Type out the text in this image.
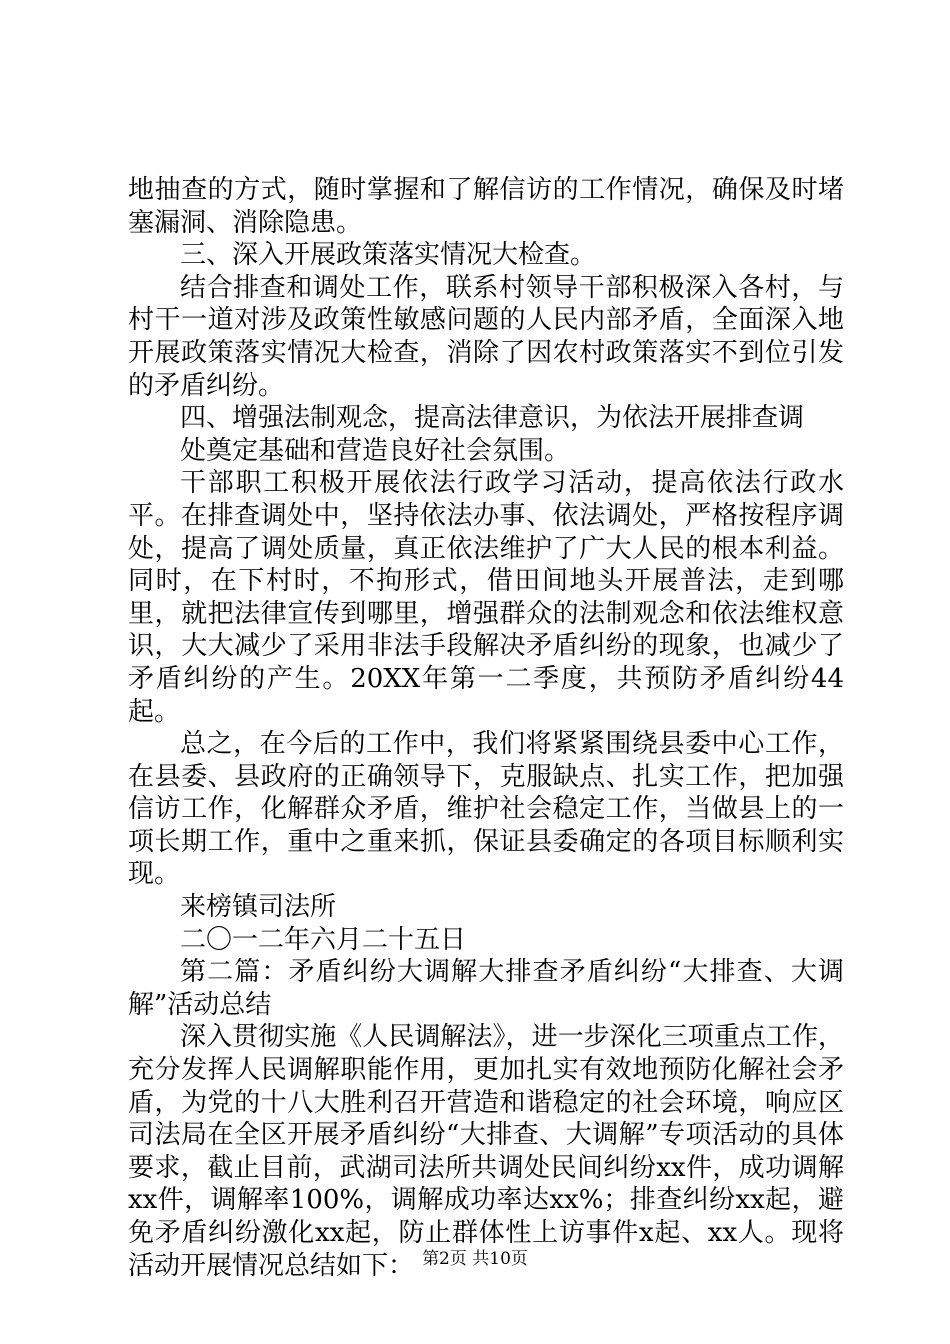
地抽查的方式，随时掌握和了解信访的工作情况，确保及时堵塞漏洞、消除隐患。

三、深入开展政策落实情况大检查。

结合排查和调处工作，联系村领导干部积极深入各村，与村干一道对涉及政策性敏感问题的人民内部矛盾，全面深入地开展政策落实情况大检查，消除了因农村政策落实不到位引发的矛盾纠纷。

四、增强法制观念，提高法律意识，为依法开展排查调

处奠定基础和营造良好社会氛围。

干部职工积极开展依法行政学习活动，提高依法行政水平。在排查调处中，坚持依法办事、依法调处，严格按程序调处，提高了调处质量，真正依法维护了广大人民的根本利益。同时，在下村时，不拘形式，借田间地头开展普法，走到哪里，就把法律宣传到哪里，增强群众的法制观念和依法维权意识，大大减少了采用非法手段解决矛盾纠纷的现象，也减少了矛盾纠纷的产生。20XX年第一二季度，共预防矛盾纠纷44起。

总之，在今后的工作中，我们将紧紧围绕县委中心工作，在县委、县政府的正确领导下，克服缺点、扎实工作，把加强信访工作，化解群众矛盾，维护社会稳定工作，当做县上的一项长期工作，重中之重来抓，保证县委确定的各项目标顺利实现。

来榜镇司法所

二〇一二年六月二十五日

第二篇：矛盾纠纷大调解大排查矛盾纠纷“大排查、大调解”活动总结

深入贯彻实施《人民调解法》，进一步深化三项重点工作，充分发挥人民调解职能作用，更加扎实有效地预防化解社会矛盾，为党的十八大胜利召开营造和谐稳定的社会环境，响应区司法局在全区开展矛盾纠纷“大排查、大调解”专项活动的具体要求，截止目前，武湖司法所共调处民间纠纷xx件，成功调解xx件，调解率100%，调解成功率达xx%；排查纠纷xx起，避免矛盾纠纷激化xx起，防止群体性上访事件x起、xx人。现将活动开展情况总结如下： 第2页 共10页
